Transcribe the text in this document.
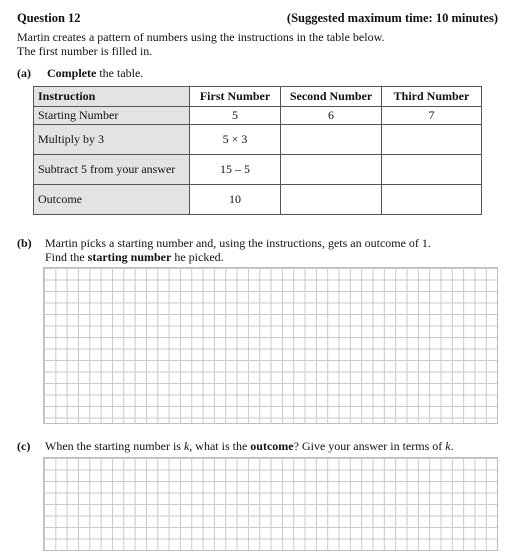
Question 12	(Suggested maximum time: 10 minutes)
Martin creates a pattern of numbers using the instructions in the table below.
The first number is filled in.
(a) Complete the table.
Instruction	First Number	Second Number	Third Number
Starting Number	5	6	7
Multiply by 3	5 × 3		
Subtract 5 from your answer	15 – 5		
Outcome	10		
(b) Martin picks a starting number and, using the instructions, gets an outcome of 1.
Find the starting number he picked.
(c) When the starting number is k, what is the outcome? Give your answer in terms of k.
